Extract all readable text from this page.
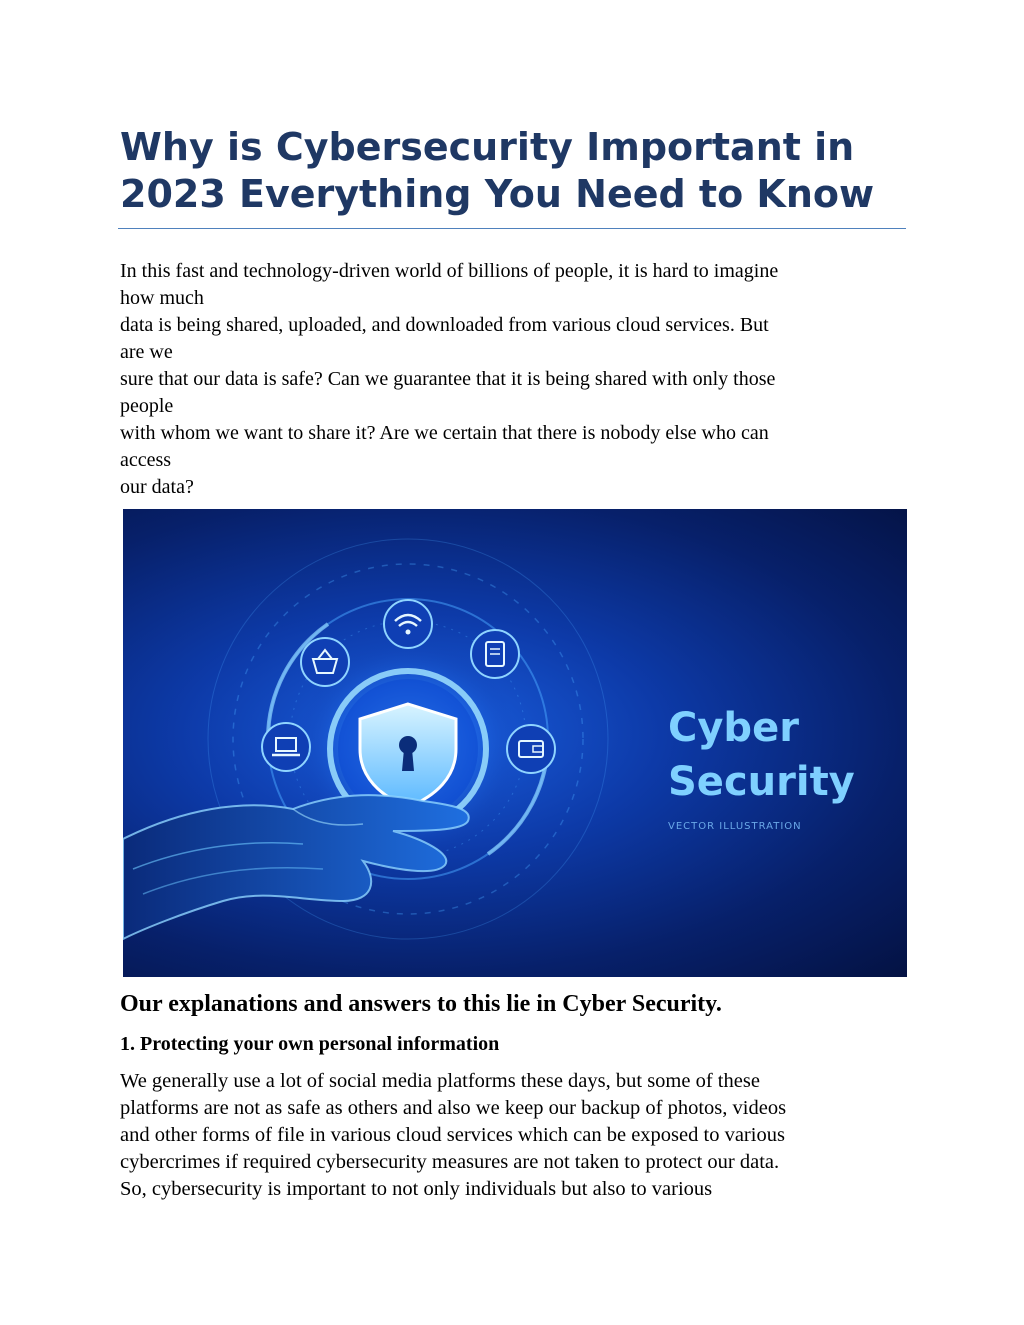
Why is Cybersecurity Important in
2023 Everything You Need to Know
In this fast and technology-driven world of billions of people, it is hard to imagine
how much
data is being shared, uploaded, and downloaded from various cloud services. But
are we
sure that our data is safe? Can we guarantee that it is being shared with only those
people
with whom we want to share it? Are we certain that there is nobody else who can
access
our data?
Cyber
Security
VECTOR ILLUSTRATION
Our explanations and answers to this lie in Cyber Security.
1. Protecting your own personal information
We generally use a lot of social media platforms these days, but some of these
platforms are not as safe as others and also we keep our backup of photos, videos
and other forms of file in various cloud services which can be exposed to various
cybercrimes if required cybersecurity measures are not taken to protect our data.
So, cybersecurity is important to not only individuals but also to various
